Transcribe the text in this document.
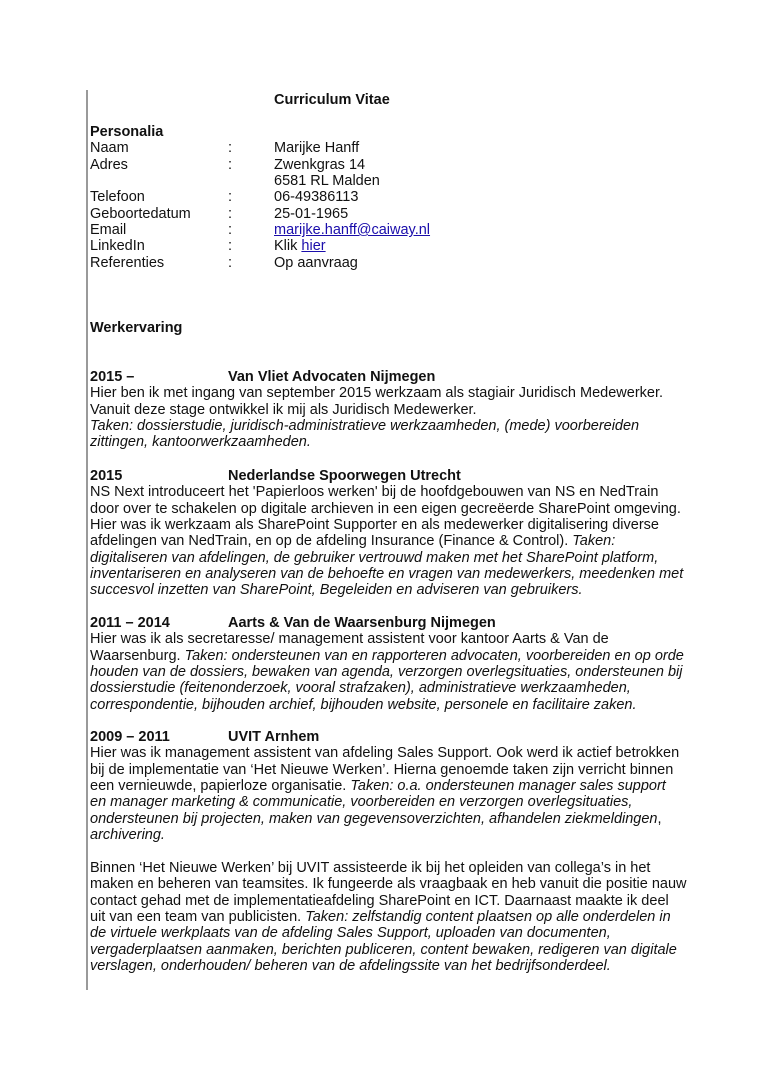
Curriculum Vitae
Personalia
Naam	:	Marijke Hanff
Adres	:	Zwenkgras 14
6581 RL Malden
Telefoon	:	06-49386113
Geboortedatum	:	25-01-1965
Email	:	marijke.hanff@caiway.nl
LinkedIn	:	Klik hier
Referenties	:	Op aanvraag
Werkervaring
2015 –	Van Vliet Advocaten Nijmegen
Hier ben ik met ingang van september 2015 werkzaam als stagiair Juridisch Medewerker.
Vanuit deze stage ontwikkel ik mij als Juridisch Medewerker.
Taken: dossierstudie, juridisch-administratieve werkzaamheden, (mede) voorbereiden
zittingen, kantoorwerkzaamheden.
2015	Nederlandse Spoorwegen Utrecht
NS Next introduceert het 'Papierloos werken' bij de hoofdgebouwen van NS en NedTrain
door over te schakelen op digitale archieven in een eigen gecreëerde SharePoint omgeving.
Hier was ik werkzaam als SharePoint Supporter en als medewerker digitalisering diverse
afdelingen van NedTrain, en op de afdeling Insurance (Finance & Control). Taken:
digitaliseren van afdelingen, de gebruiker vertrouwd maken met het SharePoint platform,
inventariseren en analyseren van de behoefte en vragen van medewerkers, meedenken met
succesvol inzetten van SharePoint, Begeleiden en adviseren van gebruikers.
2011 – 2014	Aarts & Van de Waarsenburg Nijmegen
Hier was ik als secretaresse/ management assistent voor kantoor Aarts & Van de
Waarsenburg. Taken: ondersteunen van en rapporteren advocaten, voorbereiden en op orde
houden van de dossiers, bewaken van agenda, verzorgen overlegsituaties, ondersteunen bij
dossierstudie (feitenonderzoek, vooral strafzaken), administratieve werkzaamheden,
correspondentie, bijhouden archief, bijhouden website, personele en facilitaire zaken.
2009 – 2011	UVIT Arnhem
Hier was ik management assistent van afdeling Sales Support. Ook werd ik actief betrokken
bij de implementatie van ‘Het Nieuwe Werken’. Hierna genoemde taken zijn verricht binnen
een vernieuwde, papierloze organisatie. Taken: o.a. ondersteunen manager sales support
en manager marketing & communicatie, voorbereiden en verzorgen overlegsituaties,
ondersteunen bij projecten, maken van gegevensoverzichten, afhandelen ziekmeldingen,
archivering.
Binnen ‘Het Nieuwe Werken’ bij UVIT assisteerde ik bij het opleiden van collega’s in het
maken en beheren van teamsites. Ik fungeerde als vraagbaak en heb vanuit die positie nauw
contact gehad met de implementatieafdeling SharePoint en ICT. Daarnaast maakte ik deel
uit van een team van publicisten. Taken: zelfstandig content plaatsen op alle onderdelen in
de virtuele werkplaats van de afdeling Sales Support, uploaden van documenten,
vergaderplaatsen aanmaken, berichten publiceren, content bewaken, redigeren van digitale
verslagen, onderhouden/ beheren van de afdelingssite van het bedrijfsonderdeel.
